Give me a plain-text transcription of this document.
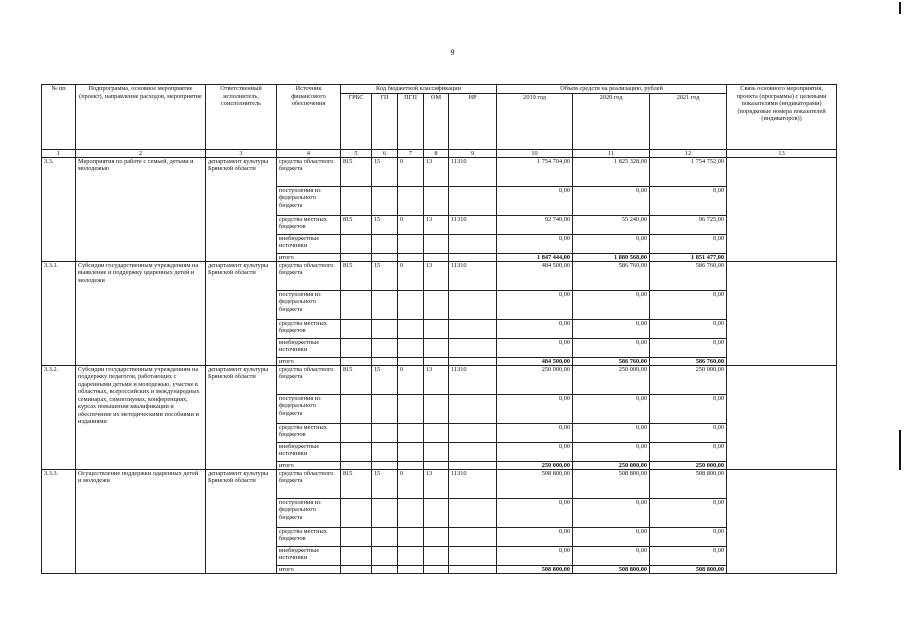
9
№ пп	Подпрограмма, основное мероприятие (проект), направление расходов, мероприятие	Ответственный исполнитель, соисполнитель	Источник финансового обеспечения	Код бюджетной классификации					Объем средств на реализацию, рублей			Связь основного мероприятия, проекта (программы) с целевыми показателями (индикаторами) (порядковые номера показателей (индикаторов))
				ГРБС	ГП	ПГП	ОМ	НР	2019 год	2020 год	2021 год	
1	2	3	4	5	6	7	8	9	10	11	12	13
3.3.	Мероприятия по работе с семьей, детьми и молодежью	департамент культуры Брянской области	средства областного бюджета	815	15	0	13	11310	1 754 704,00	1 825 328,00	1 754 752,00	
			поступления из федерального бюджета						0,00	0,00	0,00	
			средства местных бюджетов	815	15	0	13	11310	92 740,00	55 240,00	96 725,00	
			внебюджетные источники						0,00	0,00	0,00	
			итого						1 847 444,00	1 880 568,00	1 851 477,00	
3.3.1.	Субсидии государственным учреждениям на выявление и поддержку одаренных детей и молодежи	департамент культуры Брянской области	средства областного бюджета	815	15	0	13	11310	484 500,00	586 760,00	586 760,00	
			поступления из федерального бюджета						0,00	0,00	0,00	
			средства местных бюджетов						0,00	0,00	0,00	
			внебюджетные источники						0,00	0,00	0,00	
			итого						484 500,00	586 760,00	586 760,00	
3.3.2.	Субсидии государственным учреждениям на поддержку педагогов, работающих с одаренными детьми и молодежью, участие в областных, всероссийских и международных семинарах, симпозиумах, конференциях, курсах повышения квалификации и обеспечение их методическими пособиями и изданиями	департамент культуры Брянской области	средства областного бюджета	815	15	0	13	11310	250 000,00	250 000,00	250 000,00	
			поступления из федерального бюджета						0,00	0,00	0,00	
			средства местных бюджетов						0,00	0,00	0,00	
			внебюджетные источники						0,00	0,00	0,00	
			итого						250 000,00	250 000,00	250 000,00	
3.3.3.	Осуществление поддержки одаренных детей и молодежи	департамент культуры Брянской области	средства областного бюджета	815	15	0	13	11310	508 800,00	508 800,00	508 800,00	
			поступления из федерального бюджета						0,00	0,00	0,00	
			средства местных бюджетов						0,00	0,00	0,00	
			внебюджетные источники						0,00	0,00	0,00	
			итого						508 800,00	508 800,00	508 800,00	
